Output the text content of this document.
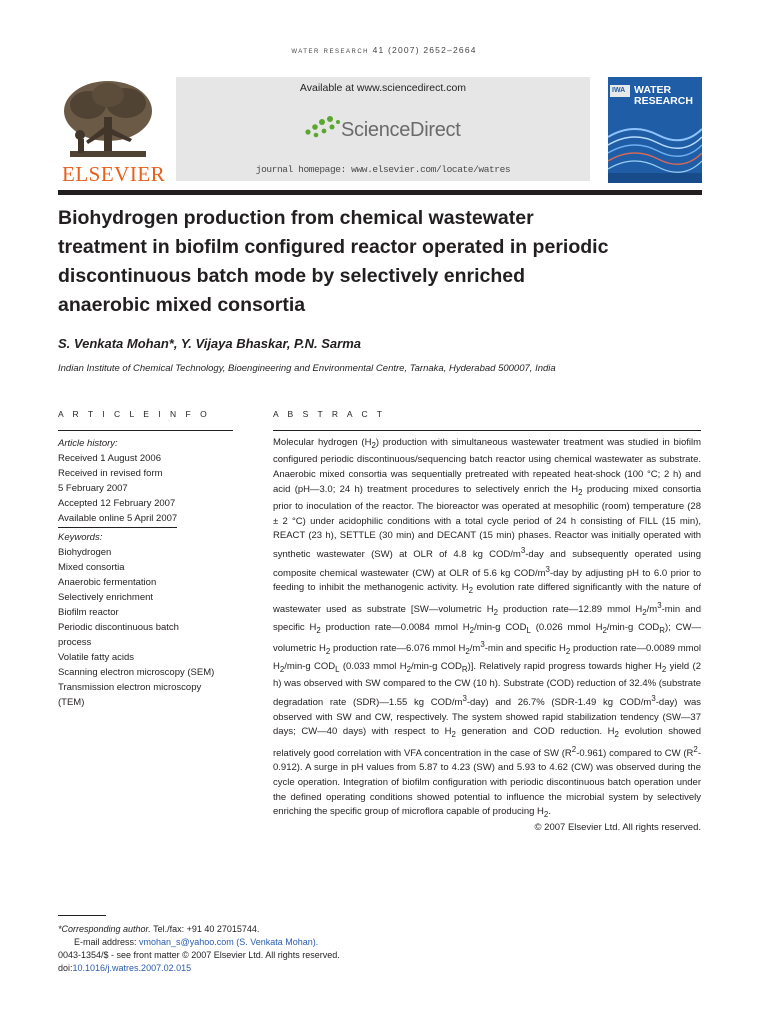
water research 41 (2007) 2652–2664
ELSEVIER
Available at www.sciencedirect.com
ScienceDirect
journal homepage: www.elsevier.com/locate/watres
IWA WATER
RESEARCH
Biohydrogen production from chemical wastewater
treatment in biofilm configured reactor operated in periodic
discontinuous batch mode by selectively enriched
anaerobic mixed consortia
S. Venkata Mohan*, Y. Vijaya Bhaskar, P.N. Sarma
Indian Institute of Chemical Technology, Bioengineering and Environmental Centre, Tarnaka, Hyderabad 500007, India
A R T I C L E I N F O	A B S T R A C T
Article history:
Received 1 August 2006
Received in revised form
5 February 2007
Accepted 12 February 2007
Available online 5 April 2007
Keywords:
Biohydrogen
Mixed consortia
Anaerobic fermentation
Selectively enrichment
Biofilm reactor
Periodic discontinuous batch
process
Volatile fatty acids
Scanning electron microscopy (SEM)
Transmission electron microscopy
(TEM)
Molecular hydrogen $(H_2)$ production with simultaneous wastewater treatment was studied in biofilm configured periodic discontinuous/sequencing batch reactor using chemical wastewater as substrate. Anaerobic mixed consortia was sequentially pretreated with repeated heat-shock (100 °C; 2 h) and acid (pH—3.0; 24 h) treatment procedures to selectively enrich the $H_2$ producing mixed consortia prior to inoculation of the reactor. The bioreactor was operated at mesophilic (room) temperature (28 ± 2 °C) under acidophilic conditions with a total cycle period of 24 h consisting of FILL (15 min), REACT (23 h), SETTLE (30 min) and DECANT (15 min) phases. Reactor was initially operated with synthetic wastewater (SW) at OLR of 4.8 kg COD/$m^3$-day and subsequently operated using composite chemical wastewater (CW) at OLR of 5.6 kg COD/$m^3$-day by adjusting pH to 6.0 prior to feeding to inhibit the methanogenic activity. $H_2$ evolution rate differed significantly with the nature of wastewater used as substrate [SW—volumetric $H_2$ production rate—12.89 mmol $H_2/m^3-\min$ and specific $H_2$ production rate—0.0084 mmol $H_2/\min-g$ $COD_L$ (0.026 mmol $H_2/\min-g$ $COD_R$); CW—volumetric $H_2$ production rate—6.076 mmol $H_2/m^3-\min$ and specific $H_2$ production rate—0.0089 mmol $H_2/\min-g$ $COD_L$ (0.033 mmol $H_2/\min-g$ $COD_R$)]. Relatively rapid progress towards higher $H_2$ yield (2 h) was observed with SW compared to the CW (10 h). Substrate (COD) reduction of 32.4% (substrate degradation rate (SDR)—1.55 kg COD/$m^3-day$) and 26.7% (SDR-1.49 kg COD/$m^3-day$) was observed with SW and CW, respectively. The system showed rapid stabilization tendency (SW—37 days; CW—40 days) with respect to $H_2$ generation and COD reduction. $H_2$ evolution showed relatively good correlation with VFA concentration in the case of SW $(R^2-0.961)$ compared to CW $(R^2-0.912)$. A surge in pH values from 5.87 to 4.23 (SW) and 5.93 to 4.62 (CW) was observed during the cycle operation. Integration of biofilm configuration with periodic discontinuous batch operation under the defined operating conditions showed potential to influence the microbial system by selectively enriching the specific group of microflora capable of producing $H_2$.
© 2007 Elsevier Ltd. All rights reserved.
*Corresponding author. Tel./fax: +91 40 27015744.
E-mail address: vmohan_s@yahoo.com (S. Venkata Mohan).
0043-1354/$ - see front matter © 2007 Elsevier Ltd. All rights reserved.
doi:10.1016/j.watres.2007.02.015
